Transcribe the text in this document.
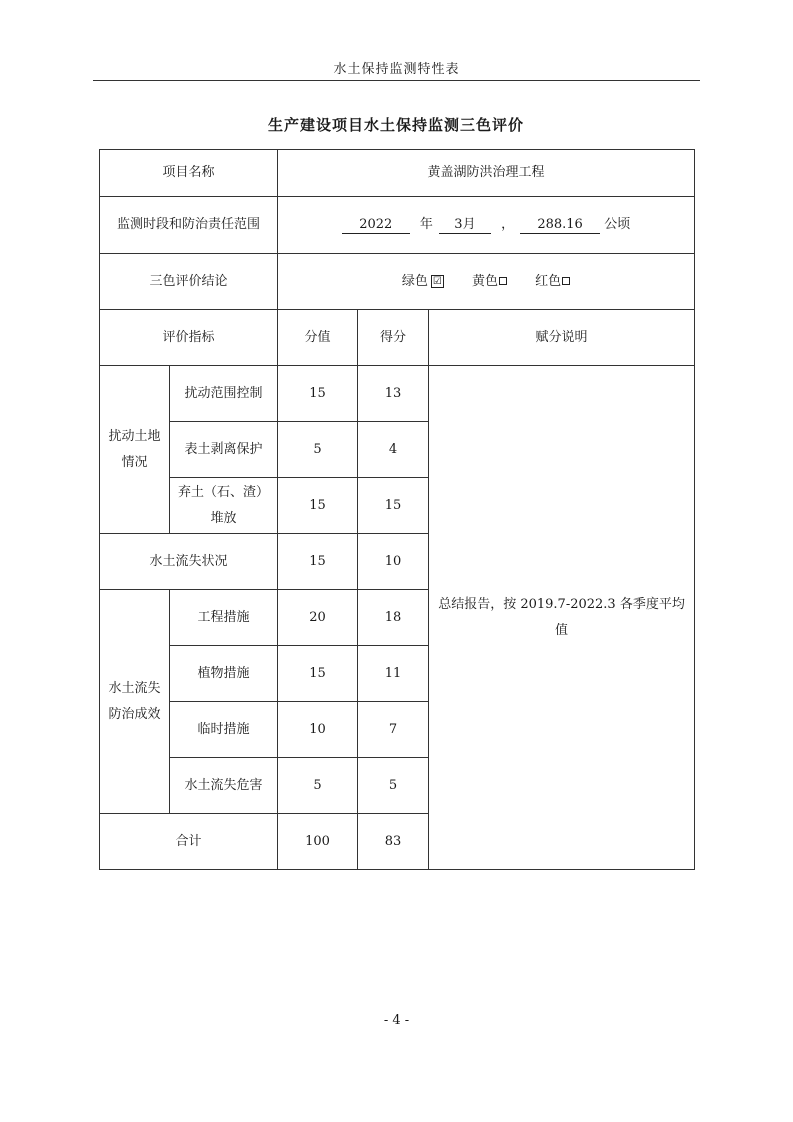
水土保持监测特性表
生产建设项目水土保持监测三色评价
项目名称		黄盖湖防洪治理工程		
监测时段和防治责任范围		2022 年 3月 ， 288.16 公顷		
三色评价结论		绿色 ☑ 黄色 红色		
评价指标		分值	得分	赋分说明
扰动土地情况	扰动范围控制	15	13	总结报告，按 2019.7-2022.3 各季度平均值
	表土剥离保护	5	4	
	弃土（石、渣）堆放	15	15	
水土流失状况		15	10	
水土流失防治成效	工程措施	20	18	
	植物措施	15	11	
	临时措施	10	7	
	水土流失危害	5	5	
合计		100	83	
- 4 -
